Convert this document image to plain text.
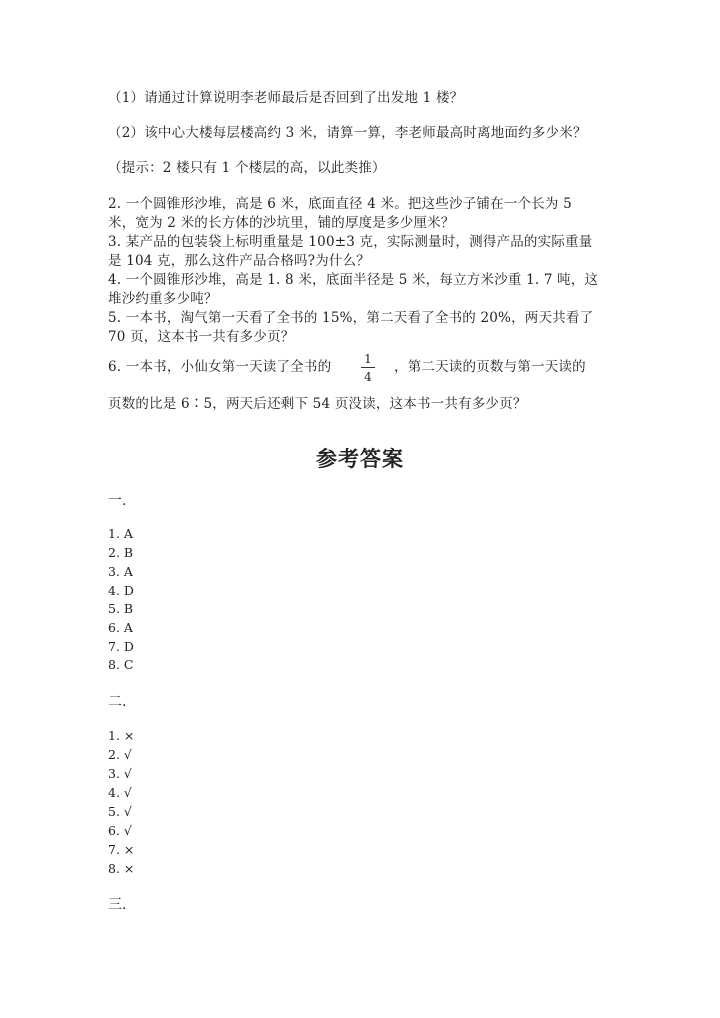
（1）请通过计算说明李老师最后是否回到了出发地 1 楼？
（2）该中心大楼每层楼高约 3 米，请算一算，李老师最高时离地面约多少米？
（提示：2 楼只有 1 个楼层的高，以此类推）
2. 一个圆锥形沙堆，高是 6 米，底面直径 4 米。把这些沙子铺在一个长为 5
米，宽为 2 米的长方体的沙坑里，铺的厚度是多少厘米？
3. 某产品的包装袋上标明重量是 100±3 克，实际测量时，测得产品的实际重量
是 104 克，那么这件产品合格吗?为什么？
4. 一个圆锥形沙堆，高是 1. 8 米，底面半径是 5 米，每立方米沙重 1. 7 吨，这
堆沙约重多少吨？
5. 一本书，淘气第一天看了全书的 15%，第二天看了全书的 20%，两天共看了
70 页，这本书一共有多少页？
6. 一本书，小仙女第一天读了全书的	1
4
，第二天读的页数与第一天读的
页数的比是 6∶5，两天后还剩下 54 页没读，这本书一共有多少页？
参考答案
一.
1. A
2. B
3. A
4. D
5. B
6. A
7. D
8. C
二.
1. ×
2. √
3. √
4. √
5. √
6. √
7. ×
8. ×
三.
